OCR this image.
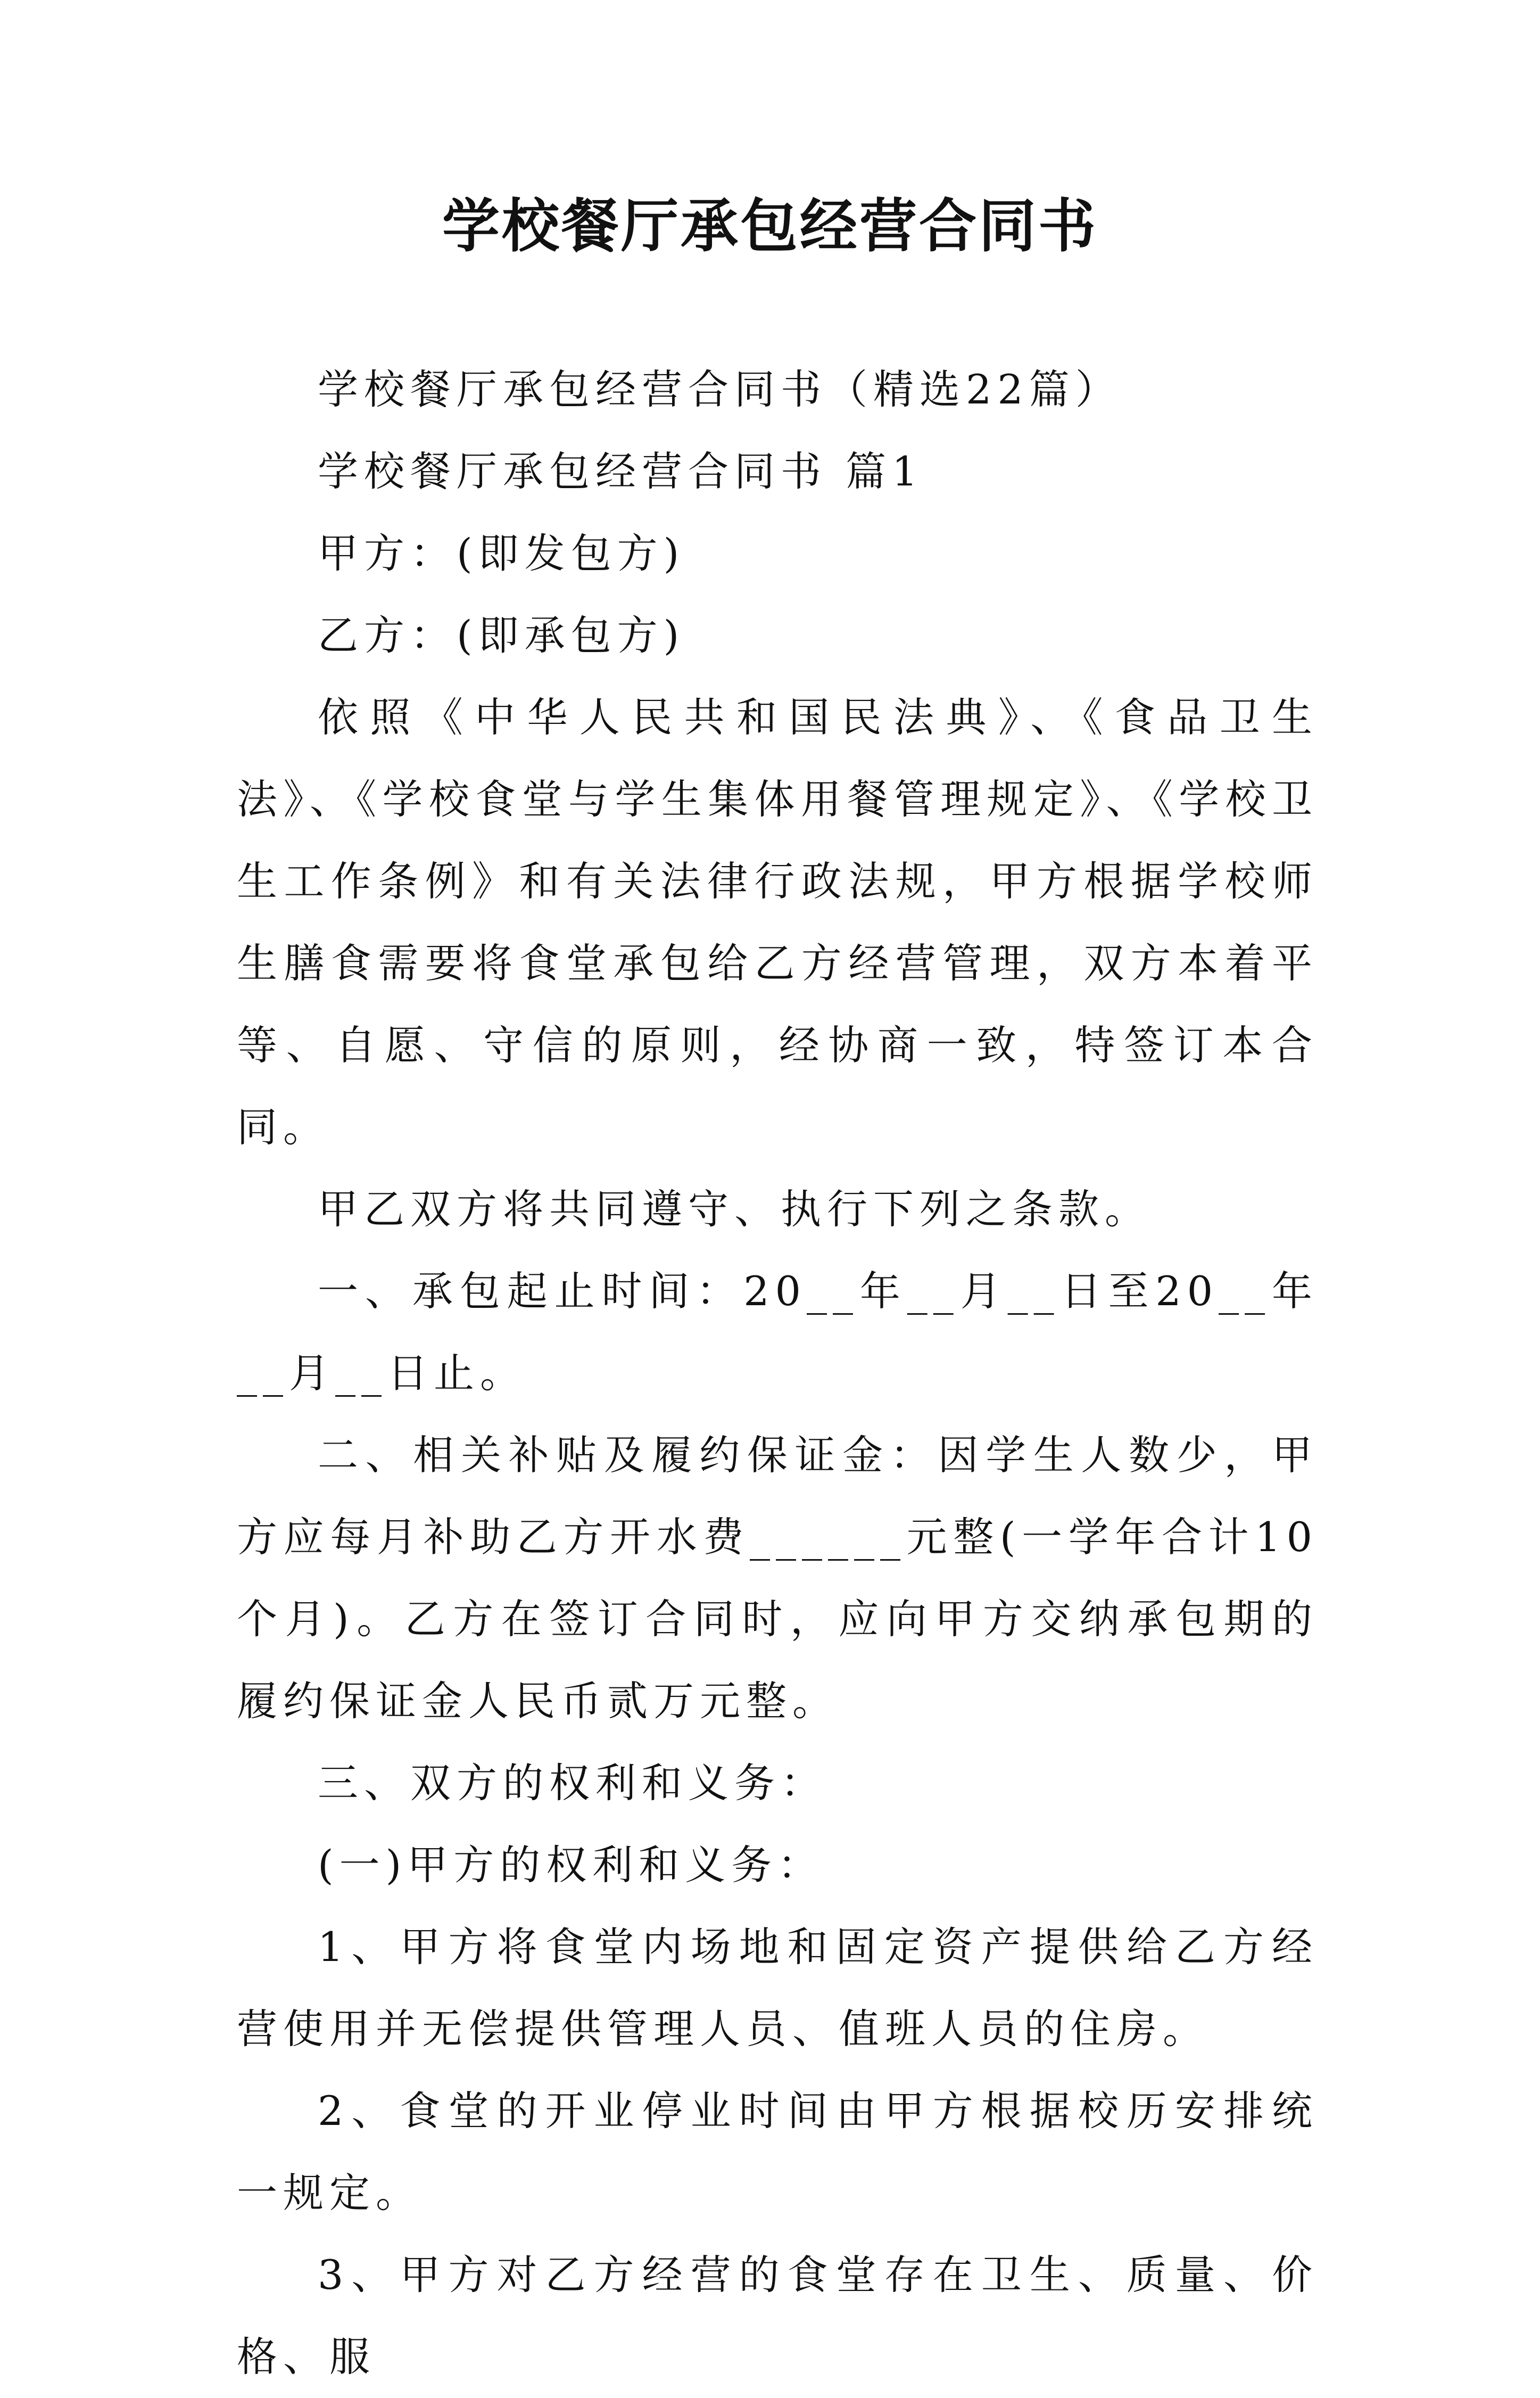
学校餐厅承包经营合同书

学校餐厅承包经营合同书（精选22篇）

学校餐厅承包经营合同书 篇1

甲方：(即发包方)

乙方：(即承包方)

依照《中华人民共和国民法典》、《食品卫生法》、《学校食堂与学生集体用餐管理规定》、《学校卫生工作条例》和有关法律行政法规，甲方根据学校师生膳食需要将食堂承包给乙方经营管理，双方本着平等、自愿、守信的原则，经协商一致，特签订本合同。

甲乙双方将共同遵守、执行下列之条款。

一、承包起止时间：20__年__月__日至20__年__月__日止。

二、相关补贴及履约保证金：因学生人数少，甲方应每月补助乙方开水费______元整(一学年合计10个月)。乙方在签订合同时，应向甲方交纳承包期的履约保证金人民币贰万元整。

三、双方的权利和义务：

(一)甲方的权利和义务：

1、甲方将食堂内场地和固定资产提供给乙方经营使用并无偿提供管理人员、值班人员的住房。

2、食堂的开业停业时间由甲方根据校历安排统一规定。

3、甲方对乙方经营的食堂存在卫生、质量、价格、服
